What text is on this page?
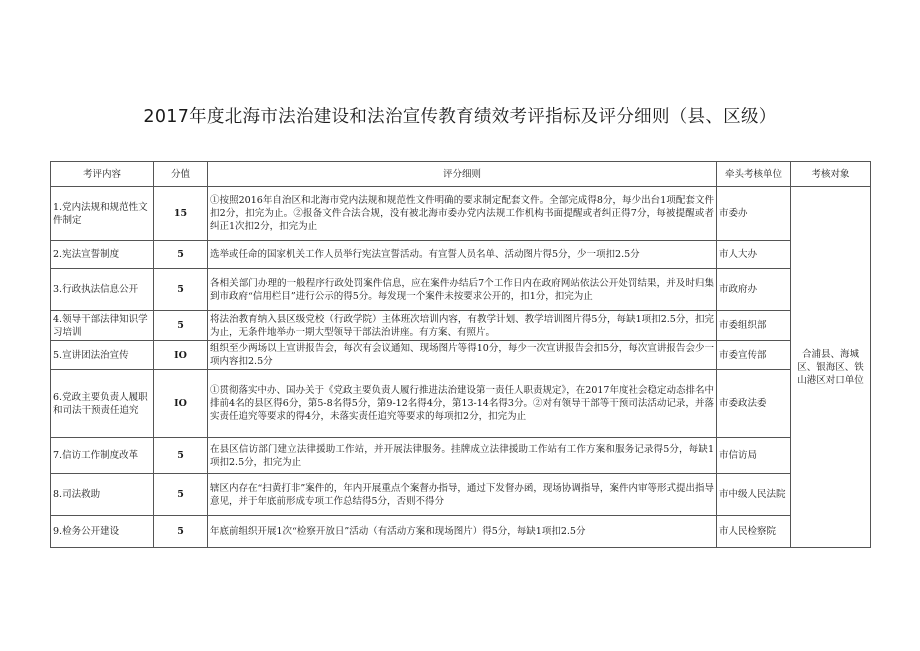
2017年度北海市法治建设和法治宣传教育绩效考评指标及评分细则（县、区级）
考评内容	分值	评分细则	牵头考核单位	考核对象
1.党内法规和规范性文件制定	15	①按照2016年自治区和北海市党内法规和规范性文件明确的要求制定配套文件。全部完成得8分，每少出台1项配套文件扣2分，扣完为止。②报备文件合法合规，没有被北海市委办党内法规工作机构书面提醒或者纠正得7分，每被提醒或者纠正1次扣2分，扣完为止	市委办	合浦县、海城区、银海区、铁山港区对口单位
2.宪法宣誓制度	5	选举或任命的国家机关工作人员举行宪法宣誓活动。有宣誓人员名单、活动图片得5分，少一项扣2.5分	市人大办	
3.行政执法信息公开	5	各相关部门办理的一般程序行政处罚案件信息，应在案件办结后7个工作日内在政府网站依法公开处罚结果，并及时归集到市政府“信用栏目”进行公示的得5分。每发现一个案件未按要求公开的，扣1分，扣完为止	市政府办	
4.领导干部法律知识学习培训	5	将法治教育纳入县区级党校（行政学院）主体班次培训内容，有教学计划、教学培训图片得5分，每缺1项扣2.5分，扣完为止，无条件地举办一期大型领导干部法治讲座。有方案、有照片。	市委组织部	
5.宣讲团法治宣传	IO	组织至少两场以上宣讲报告会，每次有会议通知、现场图片等得10分，每少一次宣讲报告会扣5分，每次宣讲报告会少一项内容扣2.5分	市委宣传部	
6.党政主要负责人履职和司法干预责任追究	IO	①贯彻落实中办、国办关于《党政主要负责人履行推进法治建设第一责任人职责规定》，在2017年度社会稳定动态排名中排前4名的县区得6分，第5-8名得5分，第9-12名得4分，第13-14名得3分。②对有领导干部等干预司法活动记录，并落实责任追究等要求的得4分，未落实责任追究等要求的每项扣2分，扣完为止	市委政法委	
7.信访工作制度改革	5	在县区信访部门建立法律援助工作站，并开展法律服务。挂牌成立法律援助工作站有工作方案和服务记录得5分，每缺1项扣2.5分，扣完为止	市信访局	
8.司法救助	5	辖区内存在“扫黄打非”案件的，年内开展重点个案督办指导，通过下发督办函，现场协调指导，案件内审等形式提出指导意见，并于年底前形成专项工作总结得5分，否则不得分	市中级人民法院	
9.检务公开建设	5	年底前组织开展1次“检察开放日”活动（有活动方案和现场图片）得5分，每缺1项扣2.5分	市人民检察院	
